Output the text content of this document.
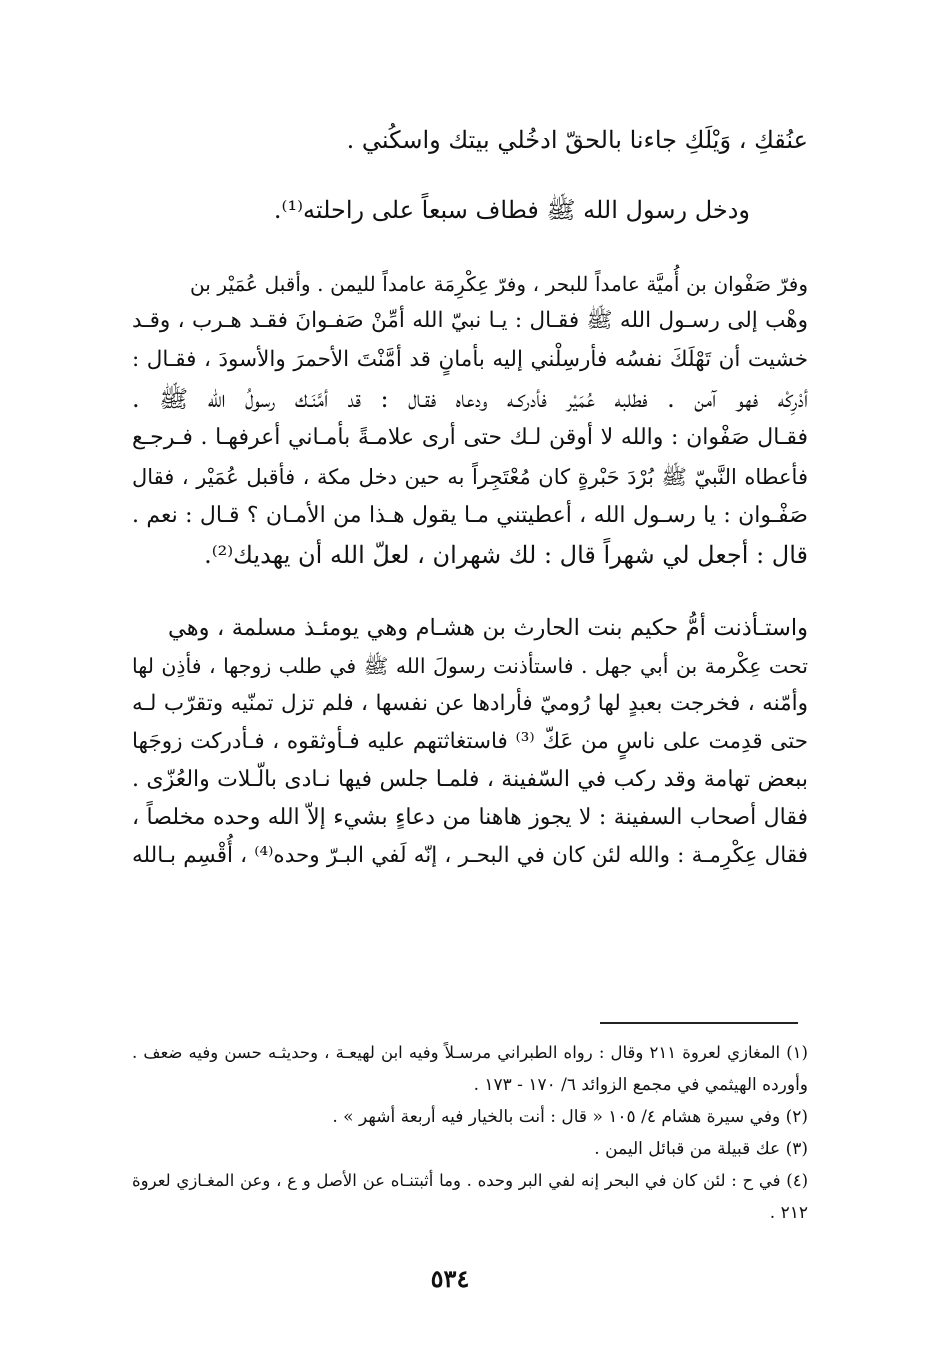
عنُقكِ ، وَيْلَكِ جاءنا بالحقّ ادخُلي بيتك واسكُني .
ودخل رسول الله ﷺ فطاف سبعاً على راحلته⁽¹⁾.
وفرّ صَفْوان بن أُميَّة عامداً للبحر ، وفرّ عِكْرِمَة عامداً لليمن . وأقبل عُمَيْر بن
وهْب إلى رسـول الله ﷺ فقـال : يـا نبيّ الله أمِّنْ صَفـوانَ فقـد هـرب ، وقـد
خشيت أن تَهْلَكَ نفسُه فأرسِلْني إليه بأمانٍ قد أمَّنْتَ الأحمرَ والأسودَ ، فقـال :
أدْرِكْه فهو آمن . فطلبه عُمَيْر فأدركـه ودعاه فقـال : قد أمَّنَـك رسولُ الله ﷺ .
فقـال صَفْوان : والله لا أوقن لـك حتى أرى علامـةً بأمـاني أعرفهـا . فـرجـع
فأعطاه النَّبيّ ﷺ بُرْدَ حَبْرةٍ كان مُعْتَجِراً به حين دخل مكة ، فأقبل عُمَيْر ، فقال
صَفْـوان : يا رسـول الله ، أعطيتني مـا يقول هـذا من الأمـان ؟ قـال : نعم .
قال : أجعل لي شهراً قال : لك شهران ، لعلّ الله أن يهديك⁽²⁾.
واستـأذنت أمُّ حكيم بنت الحارث بن هشـام وهي يومئـذ مسلمة ، وهي
تحت عِكْرمة بن أبي جهل . فاستأذنت رسولَ الله ﷺ في طلب زوجها ، فأذِن لها
وأمّنه ، فخرجت بعبدٍ لها رُوميّ فأرادها عن نفسها ، فلم تزل تمنّيه وتقرّب لـه
حتى قدِمت على ناسٍ من عَكّ ⁽³⁾ فاستغاثتهم عليه فـأوثقوه ، فـأدركت زوجَها
ببعض تهامة وقد ركب في السّفينة ، فلمـا جلس فيها نـادى بالّـلات والعُزّى .
فقال أصحاب السفينة : لا يجوز هاهنا من دعاءٍ بشيء إلاّ الله وحده مخلصاً ،
فقال عِكْرِمـة : والله لئن كان في البحـر ، إنّه لَفي البـرّ وحده⁽⁴⁾ ، أُقْسِم بـالله
(١) المغازي لعروة ٢١١ وقال : رواه الطبراني مرسـلاً وفيه ابن لهيعـة ، وحديثـه حسن وفيه ضعف .
وأورده الهيثمي في مجمع الزوائد ٦/ ١٧٠ - ١٧٣ .
(٢) وفي سيرة هشام ٤/ ١٠٥ « قال : أنت بالخيار فيه أربعة أشهر » .
(٣) عك قبيلة من قبائل اليمن .
(٤) في ح : لئن كان في البحر إنه لفي البر وحده . وما أثبتنـاه عن الأصل و ع ، وعن المغـازي لعروة
٢١٢ .
٥٣٤
